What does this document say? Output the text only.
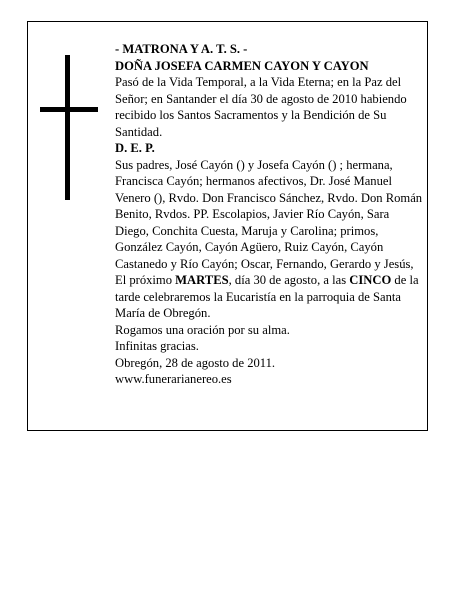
- MATRONA Y A. T. S. -

DOÑA JOSEFA CARMEN CAYON Y CAYON

Pasó de la Vida Temporal, a la Vida Eterna; en la Paz del Señor; en Santander el día 30 de agosto de 2010 habiendo recibido los Santos Sacramentos y la Bendición de Su Santidad.

D. E. P.

Sus padres, José Cayón () y Josefa Cayón () ; hermana, Francisca Cayón; hermanos afectivos, Dr. José Manuel Venero (), Rvdo. Don Francisco Sánchez, Rvdo. Don Román Benito, Rvdos. PP. Escolapios, Javier Río Cayón, Sara Diego, Conchita Cuesta, Maruja y Carolina; primos, González Cayón, Cayón Agüero, Ruiz Cayón, Cayón Castanedo y Río Cayón; Oscar, Fernando, Gerardo y Jesús,

El próximo MARTES, día 30 de agosto, a las CINCO de la tarde celebraremos la Eucaristía en la parroquia de Santa María de Obregón.

Rogamos una oración por su alma.

Infinitas gracias.

Obregón, 28 de agosto de 2011.

www.funerarianereo.es
